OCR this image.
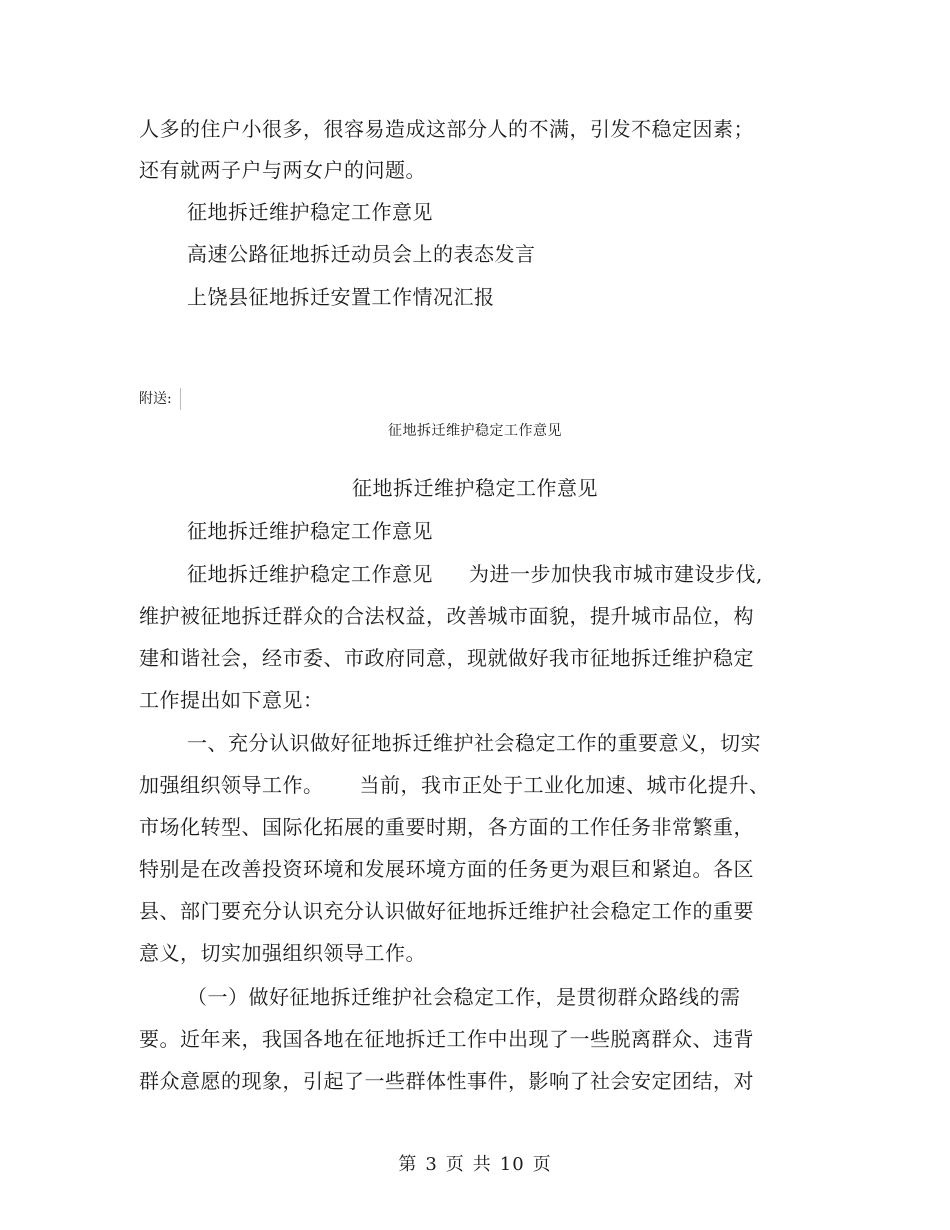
人多的住户小很多，很容易造成这部分人的不满，引发不稳定因素；
还有就两子户与两女户的问题。
征地拆迁维护稳定工作意见
高速公路征地拆迁动员会上的表态发言
上饶县征地拆迁安置工作情况汇报
附送:
征地拆迁维护稳定工作意见
征地拆迁维护稳定工作意见
征地拆迁维护稳定工作意见
征地拆迁维护稳定工作意见 为进一步加快我市城市建设步伐,
维护被征地拆迁群众的合法权益，改善城市面貌，提升城市品位，构
建和谐社会，经市委、市政府同意，现就做好我市征地拆迁维护稳定
工作提出如下意见：
一、充分认识做好征地拆迁维护社会稳定工作的重要意义，切实
加强组织领导工作。 当前，我市正处于工业化加速、城市化提升、
市场化转型、国际化拓展的重要时期，各方面的工作任务非常繁重，
特别是在改善投资环境和发展环境方面的任务更为艰巨和紧迫。各区
县、部门要充分认识充分认识做好征地拆迁维护社会稳定工作的重要
意义，切实加强组织领导工作。
（一）做好征地拆迁维护社会稳定工作，是贯彻群众路线的需
要。近年来，我国各地在征地拆迁工作中出现了一些脱离群众、违背
群众意愿的现象，引起了一些群体性事件，影响了社会安定团结，对
第 3 页 共 10 页
